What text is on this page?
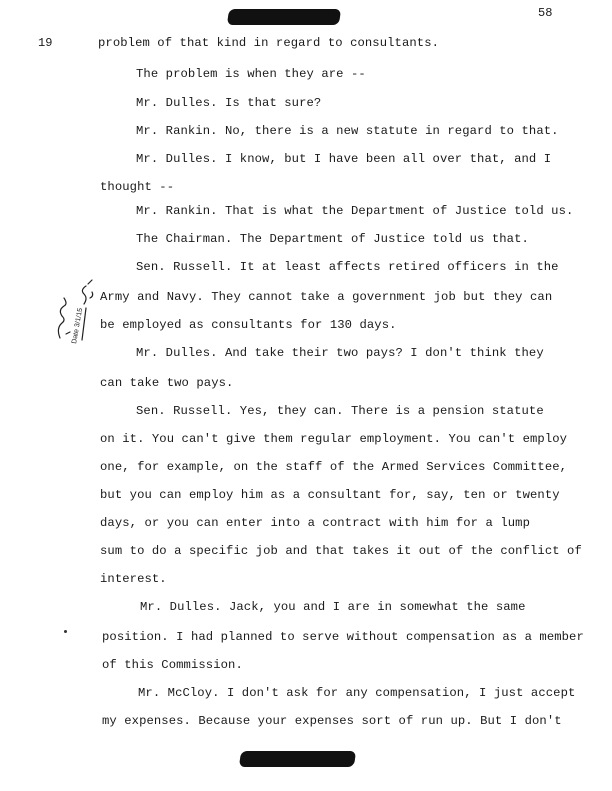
58
19
Date 3/1/15
problem of that kind in regard to consultants.
The problem is when they are --
Mr. Dulles. Is that sure?
Mr. Rankin. No, there is a new statute in regard to that.
Mr. Dulles. I know, but I have been all over that, and I
thought --
Mr. Rankin. That is what the Department of Justice told us.
The Chairman. The Department of Justice told us that.
Sen. Russell. It at least affects retired officers in the
Army and Navy. They cannot take a government job but they can
be employed as consultants for 130 days.
Mr. Dulles. And take their two pays? I don't think they
can take two pays.
Sen. Russell. Yes, they can. There is a pension statute
on it. You can't give them regular employment. You can't employ
one, for example, on the staff of the Armed Services Committee,
but you can employ him as a consultant for, say, ten or twenty
days, or you can enter into a contract with him for a lump
sum to do a specific job and that takes it out of the conflict of
interest.
Mr. Dulles. Jack, you and I are in somewhat the same
position. I had planned to serve without compensation as a member
of this Commission.
Mr. McCloy. I don't ask for any compensation, I just accept
my expenses. Because your expenses sort of run up. But I don't
